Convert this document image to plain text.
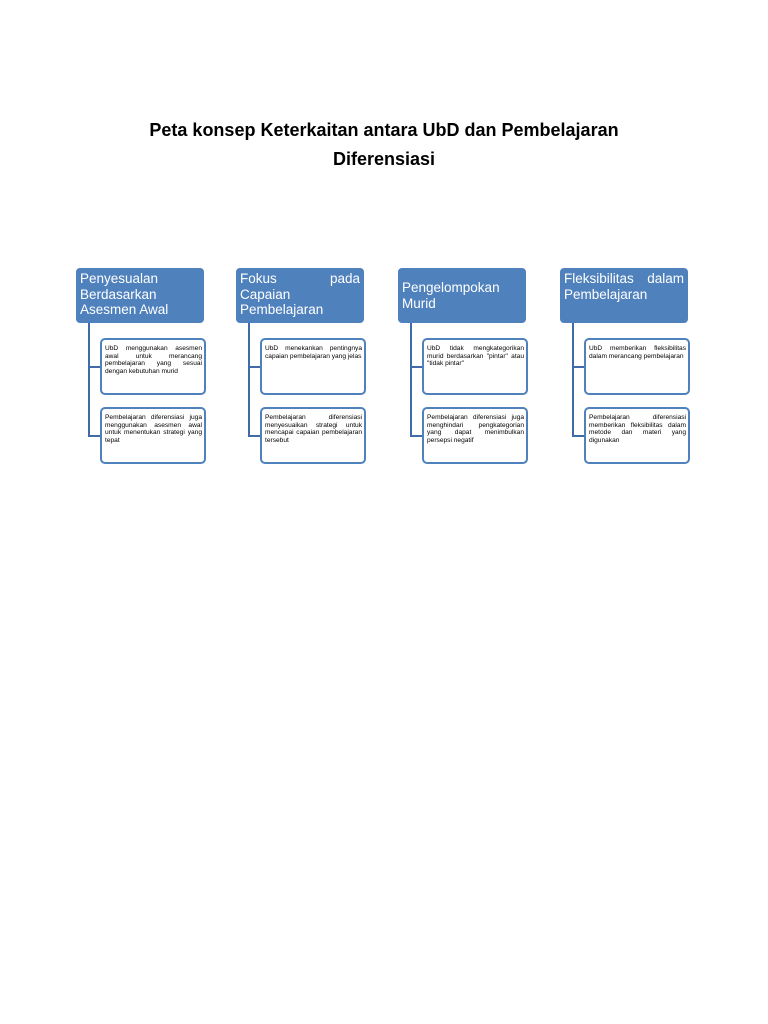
Peta konsep Keterkaitan antara UbD dan Pembelajaran
Diferensiasi
Penyesualan Berdasarkan Asesmen Awal
UbD menggunakan asesmen awal untuk merancang pembelajaran yang sesuai dengan kebutuhan murid
Pembelajaran diferensiasi juga menggunakan asesmen awal untuk menentukan strategi yang tepat
Fokus pada Capaian Pembelajaran
UbD menekankan pentingnya capaian pembelajaran yang jelas
Pembelajaran diferensiasi menyesuaikan strategi untuk mencapai capaian pembelajaran tersebut
Pengelompokan Murid
UbD tidak mengkategorikan murid berdasarkan "pintar" atau "tidak pintar"
Pembelajaran diferensiasi juga menghindari pengkategorian yang dapat menimbulkan persepsi negatif
Fleksibilitas dalam Pembelajaran
UbD memberikan fleksibilitas dalam merancang pembelajaran
Pembelajaran diferensiasi memberikan fleksibilitas dalam metode dan materi yang digunakan
